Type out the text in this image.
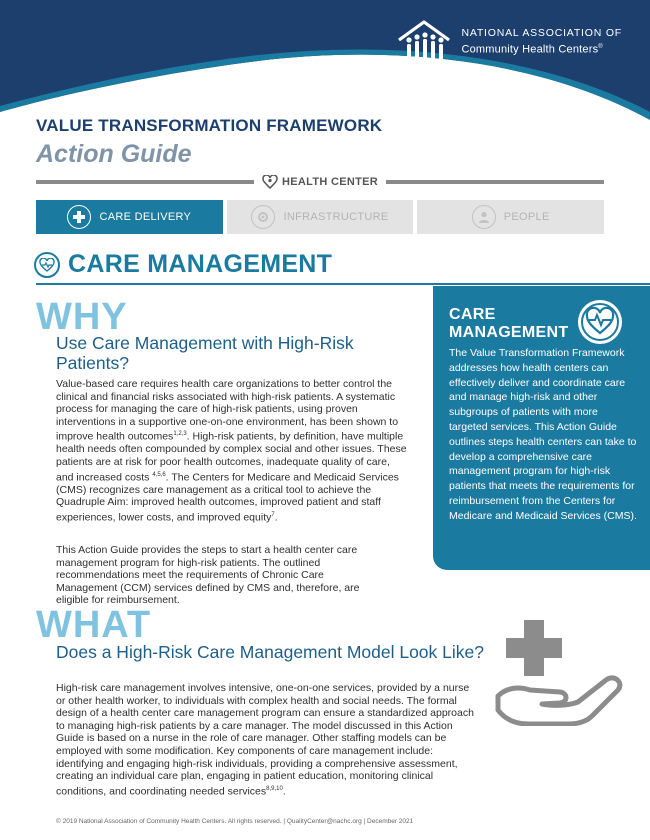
NATIONAL ASSOCIATION OF
Community Health Centers®
VALUE TRANSFORMATION FRAMEWORK
Action Guide
HEALTH CENTER
CARE DELIVERY	INFRASTRUCTURE	PEOPLE
CARE MANAGEMENT
WHY
Use Care Management with High-Risk Patients?
Value-based care requires health care organizations to better control the clinical and financial risks associated with high-risk patients. A systematic process for managing the care of high-risk patients, using proven interventions in a supportive one-on-one environment, has been shown to improve health outcomes$^{1,2,3}$. High-risk patients, by definition, have multiple health needs often compounded by complex social and other issues. These patients are at risk for poor health outcomes, inadequate quality of care, and increased costs $^{4,5,6}$. The Centers for Medicare and Medicaid Services (CMS) recognizes care management as a critical tool to achieve the Quadruple Aim: improved health outcomes, improved patient and staff experiences, lower costs, and improved equity$^7$.
This Action Guide provides the steps to start a health center care management program for high-risk patients. The outlined recommendations meet the requirements of Chronic Care Management (CCM) services defined by CMS and, therefore, are eligible for reimbursement.
CARE
MANAGEMENT
The Value Transformation Framework addresses how health centers can effectively deliver and coordinate care and manage high-risk and other subgroups of patients with more targeted services. This Action Guide outlines steps health centers can take to develop a comprehensive care management program for high-risk patients that meets the requirements for reimbursement from the Centers for Medicare and Medicaid Services (CMS).
WHAT
Does a High-Risk Care Management Model Look Like?
High-risk care management involves intensive, one-on-one services, provided by a nurse or other health worker, to individuals with complex health and social needs. The formal design of a health center care management program can ensure a standardized approach to managing high-risk patients by a care manager. The model discussed in this Action Guide is based on a nurse in the role of care manager. Other staffing models can be employed with some modification. Key components of care management include: identifying and engaging high-risk individuals, providing a comprehensive assessment, creating an individual care plan, engaging in patient education, monitoring clinical conditions, and coordinating needed services$^{8,9,10}$.
© 2019 National Association of Community Health Centers. All rights reserved. | QualityCenter@nachc.org | December 2021
